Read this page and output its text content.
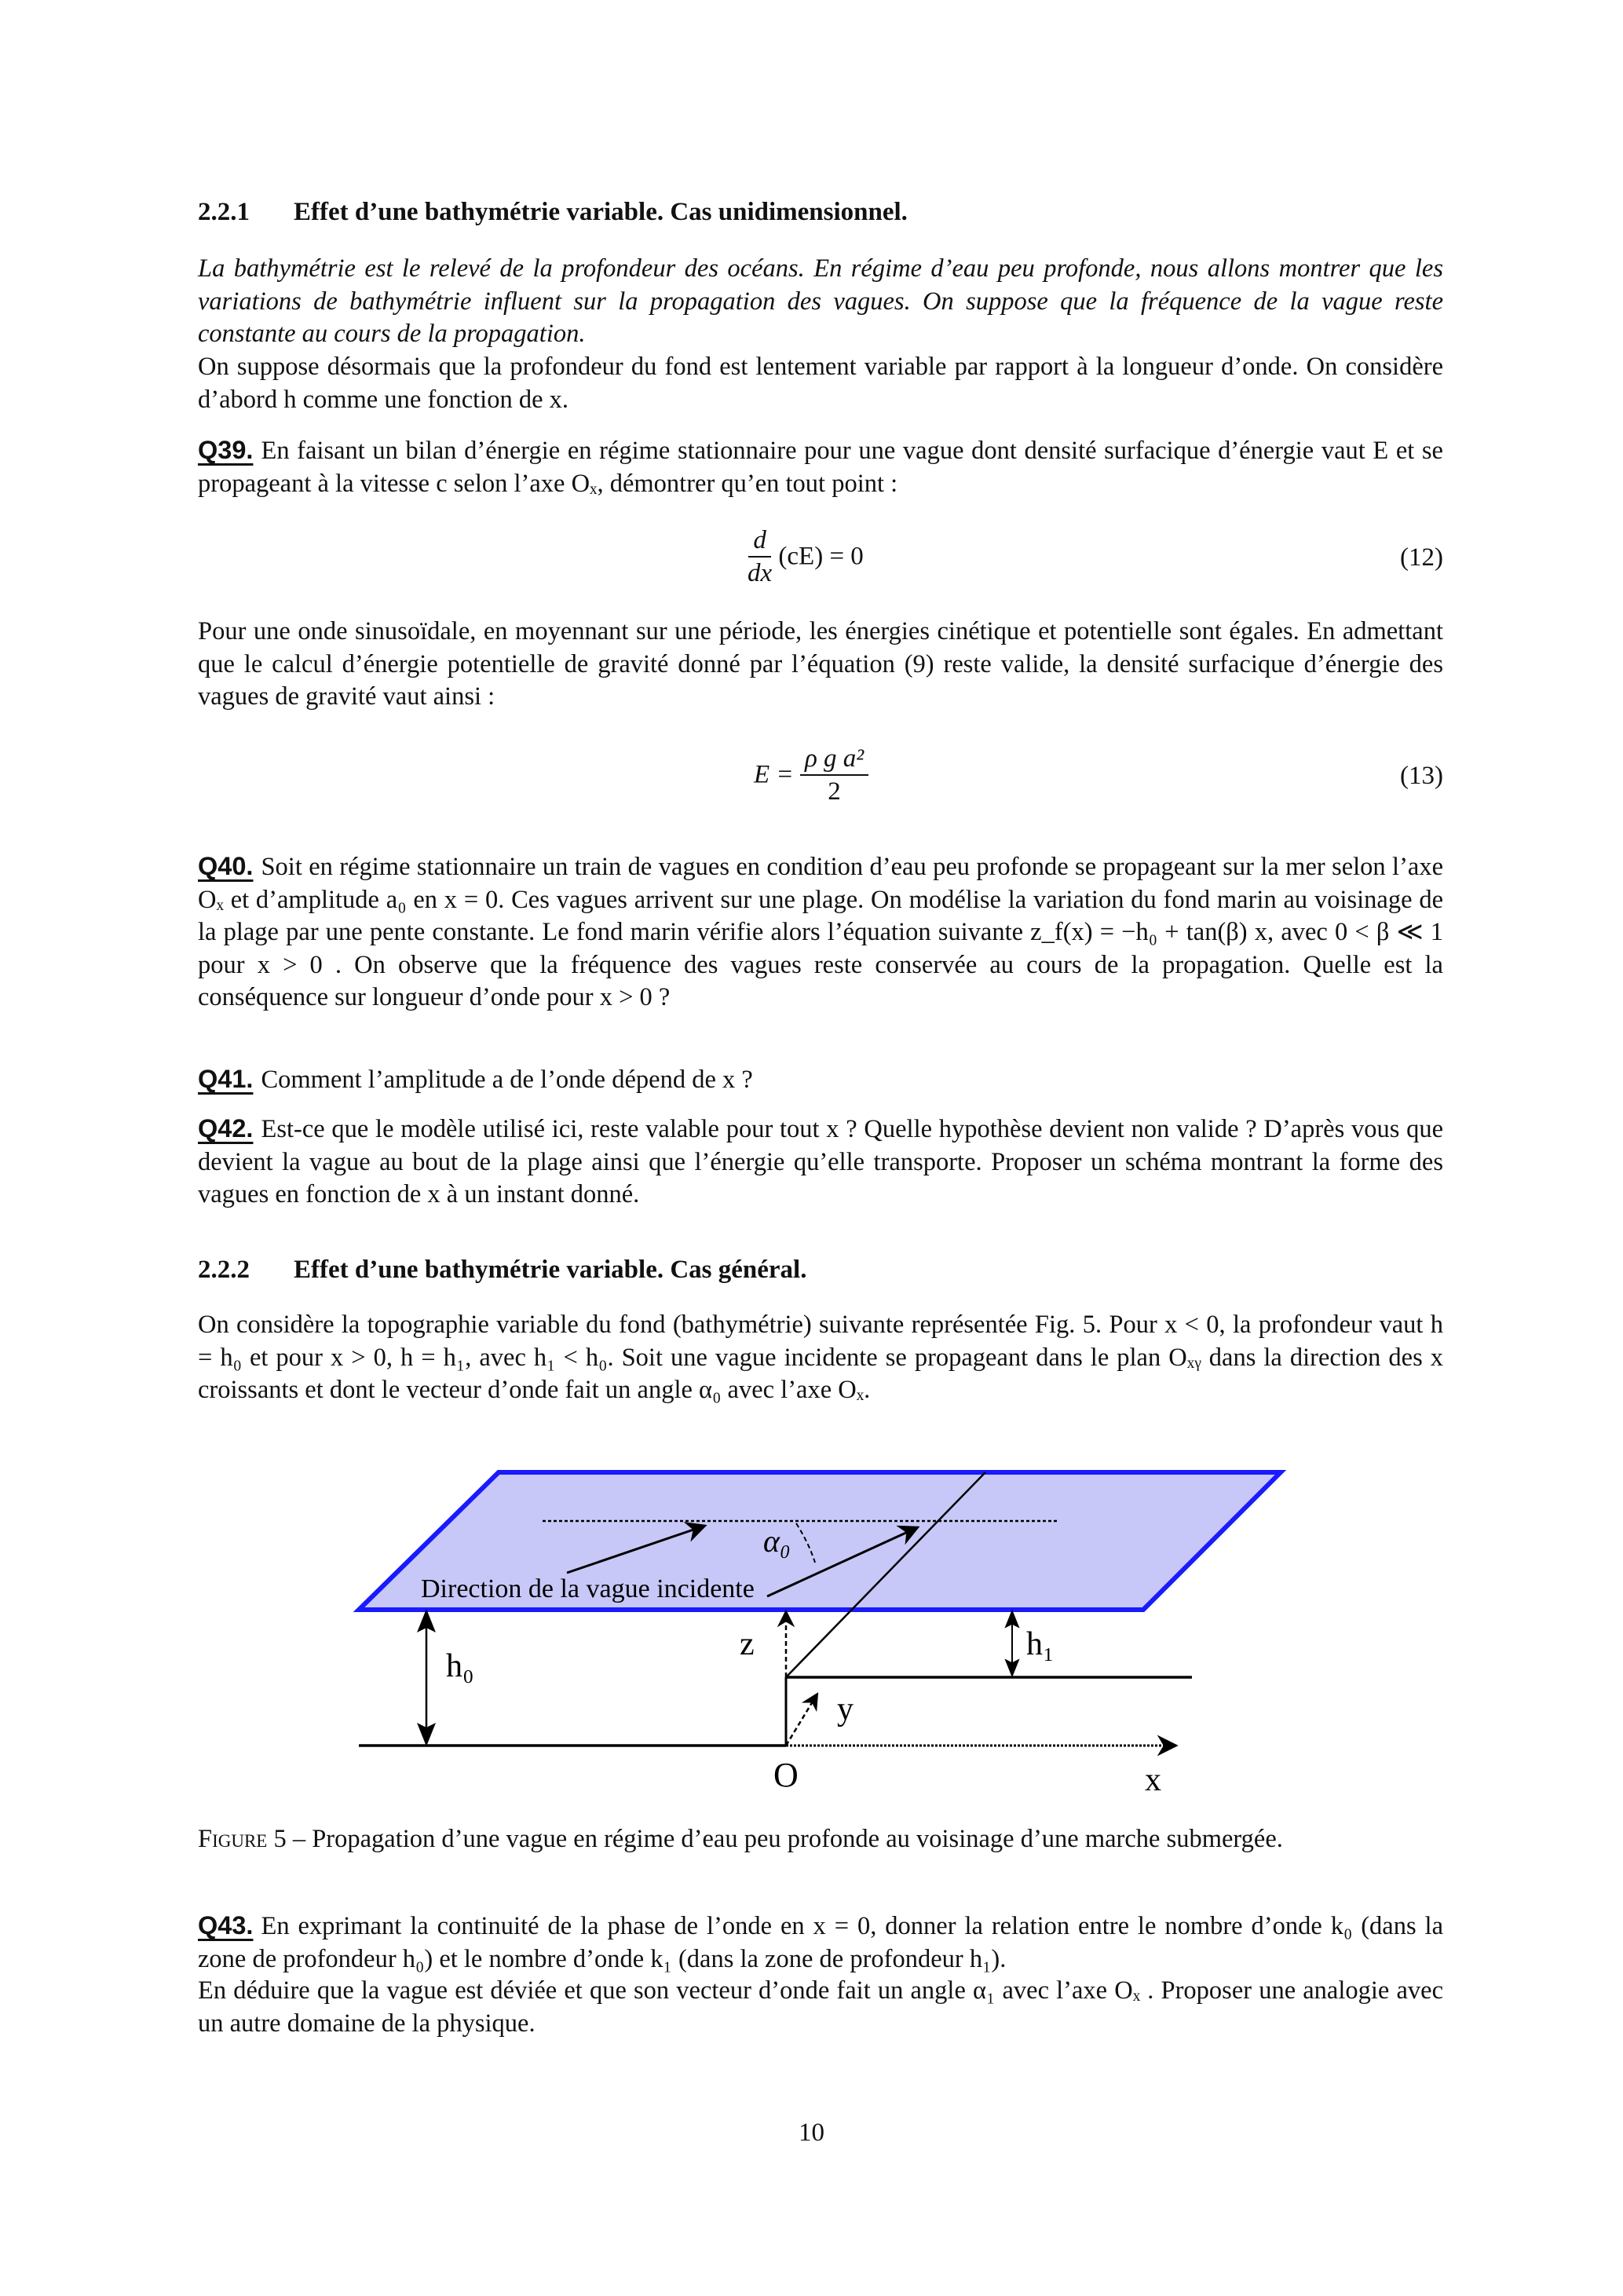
2.2.1 Effet d’une bathymétrie variable. Cas unidimensionnel.
La bathymétrie est le relevé de la profondeur des océans. En régime d’eau peu profonde, nous allons montrer que les variations de bathymétrie influent sur la propagation des vagues. On suppose que la fréquence de la vague reste constante au cours de la propagation.
On suppose désormais que la profondeur du fond est lentement variable par rapport à la longueur d’onde. On considère d’abord h comme une fonction de x.
Q39. En faisant un bilan d’énergie en régime stationnaire pour une vague dont densité surfacique d’énergie vaut E et se propageant à la vitesse c selon l’axe Oₓ, démontrer qu’en tout point :
$\frac{d}{dx} (cE) = 0$	(12)
Pour une onde sinusoïdale, en moyennant sur une période, les énergies cinétique et potentielle sont égales. En admettant que le calcul d’énergie potentielle de gravité donné par l’équation (9) reste valide, la densité surfacique d’énergie des vagues de gravité vaut ainsi :
$E = \frac{\text{ρ g a²}}{2}$	(13)
Q40. Soit en régime stationnaire un train de vagues en condition d’eau peu profonde se propageant sur la mer selon l’axe Oₓ et d’amplitude a₀ en x = 0. Ces vagues arrivent sur une plage. On modélise la variation du fond marin au voisinage de la plage par une pente constante. Le fond marin vérifie alors l’équation suivante z_f(x) = −h₀ + tan(β) x, avec 0 < β ≪ 1 pour x > 0 . On observe que la fréquence des vagues reste conservée au cours de la propagation. Quelle est la conséquence sur longueur d’onde pour x > 0 ?
Q41. Comment l’amplitude a de l’onde dépend de x ?
Q42. Est-ce que le modèle utilisé ici, reste valable pour tout x ? Quelle hypothèse devient non valide ? D’après vous que devient la vague au bout de la plage ainsi que l’énergie qu’elle transporte. Proposer un schéma montrant la forme des vagues en fonction de x à un instant donné.
2.2.2 Effet d’une bathymétrie variable. Cas général.
On considère la topographie variable du fond (bathymétrie) suivante représentée Fig. 5. Pour x < 0, la profondeur vaut h = h₀ et pour x > 0, h = h₁, avec h₁ < h₀. Soit une vague incidente se propageant dans le plan Oₓᵧ dans la direction des x croissants et dont le vecteur d’onde fait un angle α₀ avec l’axe Oₓ.
α₀
Direction de la vague incidente
h₀
h₁
z
y
O	x
Figure 5 – Propagation d’une vague en régime d’eau peu profonde au voisinage d’une marche submergée.
Q43. En exprimant la continuité de la phase de l’onde en x = 0, donner la relation entre le nombre d’onde k₀ (dans la zone de profondeur h₀) et le nombre d’onde k₁ (dans la zone de profondeur h₁).
En déduire que la vague est déviée et que son vecteur d’onde fait un angle α₁ avec l’axe Oₓ . Proposer une analogie avec un autre domaine de la physique.
10
